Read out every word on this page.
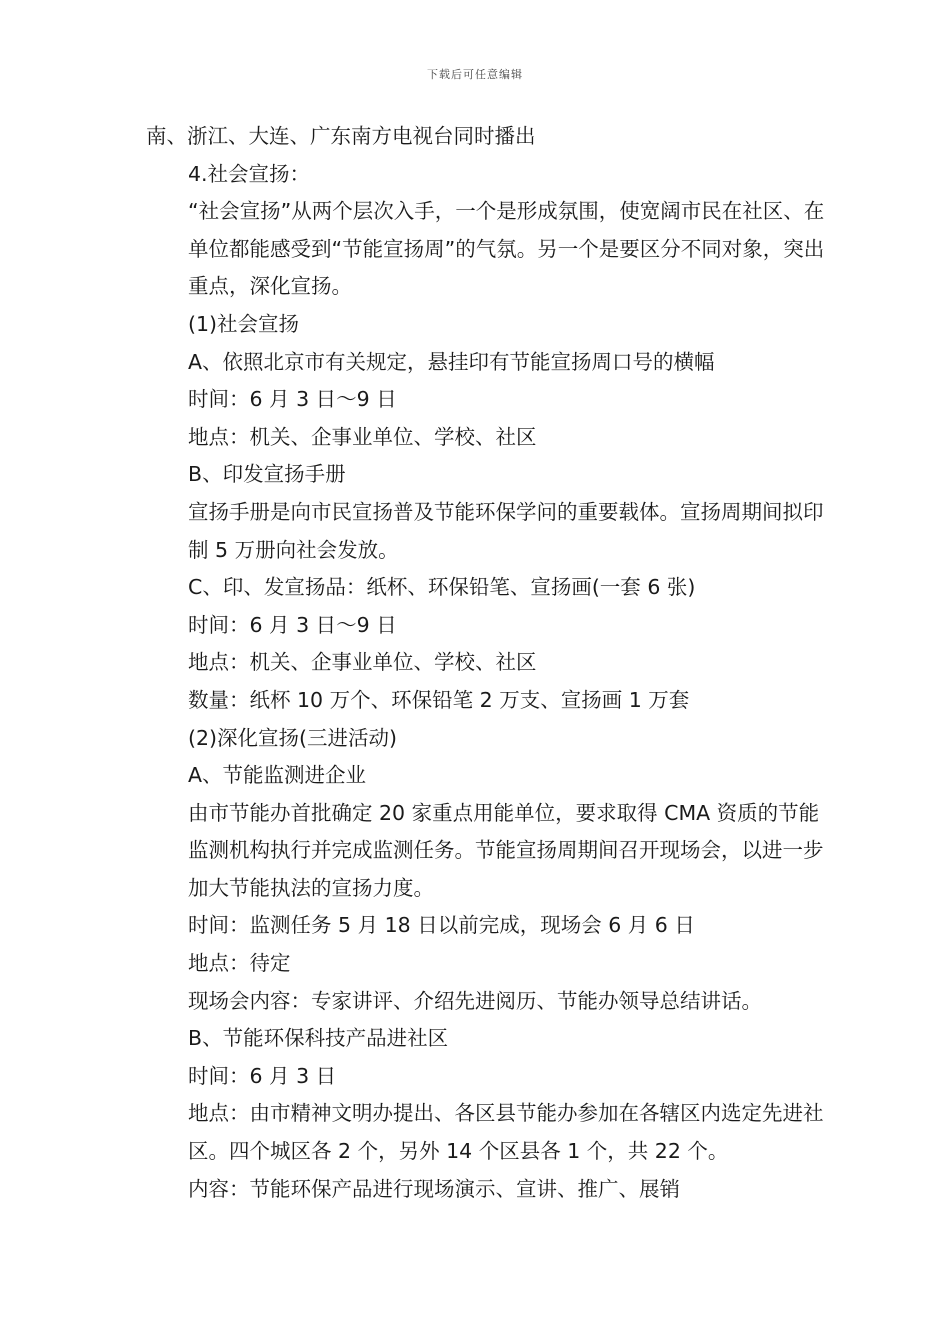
下载后可任意编辑

南、浙江、大连、广东南方电视台同时播出

4.社会宣扬：

“社会宣扬”从两个层次入手，一个是形成氛围，使宽阔市民在社区、在单位都能感受到“节能宣扬周”的气氛。另一个是要区分不同对象，突出重点，深化宣扬。

(1)社会宣扬

A、依照北京市有关规定，悬挂印有节能宣扬周口号的横幅

时间：6 月 3 日～9 日

地点：机关、企事业单位、学校、社区

B、印发宣扬手册

宣扬手册是向市民宣扬普及节能环保学问的重要载体。宣扬周期间拟印制 5 万册向社会发放。

C、印、发宣扬品：纸杯、环保铅笔、宣扬画(一套 6 张)

时间：6 月 3 日～9 日

地点：机关、企事业单位、学校、社区

数量：纸杯 10 万个、环保铅笔 2 万支、宣扬画 1 万套

(2)深化宣扬(三进活动)

A、节能监测进企业

由市节能办首批确定 20 家重点用能单位，要求取得 CMA 资质的节能监测机构执行并完成监测任务。节能宣扬周期间召开现场会，以进一步加大节能执法的宣扬力度。

时间：监测任务 5 月 18 日以前完成，现场会 6 月 6 日

地点：待定

现场会内容：专家讲评、介绍先进阅历、节能办领导总结讲话。

B、节能环保科技产品进社区

时间：6 月 3 日

地点：由市精神文明办提出、各区县节能办参加在各辖区内选定先进社区。四个城区各 2 个，另外 14 个区县各 1 个，共 22 个。

内容：节能环保产品进行现场演示、宣讲、推广、展销
